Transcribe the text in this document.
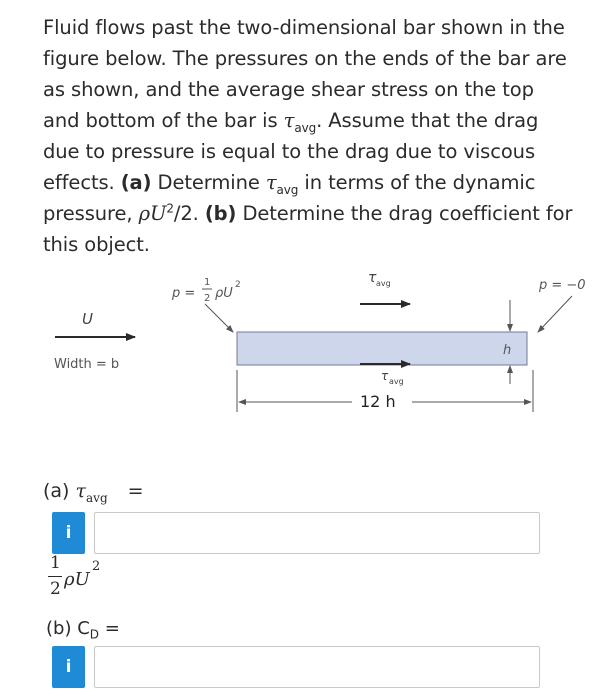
Fluid flows past the two-dimensional bar shown in the figure below. The pressures on the ends of the bar are as shown, and the average shear stress on the top and bottom of the bar is $\tau_{avg}$. Assume that the drag due to pressure is equal to the drag due to viscous effects. (a) Determine $\tau_{avg}$ in terms of the dynamic pressure, $\rho U^2/2$. (b) Determine the drag coefficient for this object.
p =
1
2 ρU
2	τ avg	p = −0
U
Width = b
h
τ avg
12 h
(a) $\tau_{avg}$ =
i
1
2 ρU
2
(b) $C_D$ =
i
